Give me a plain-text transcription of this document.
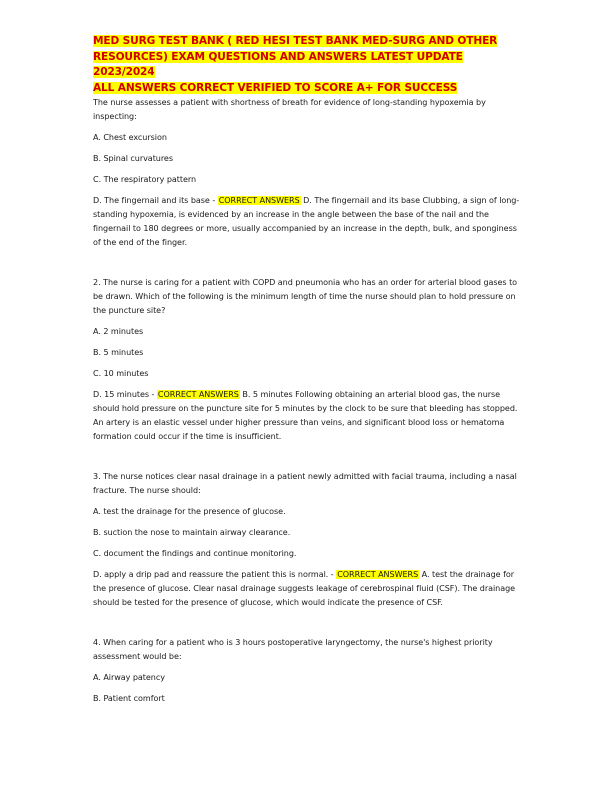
MED SURG TEST BANK ( RED HESI TEST BANK MED-SURG AND OTHER
RESOURCES) EXAM QUESTIONS AND ANSWERS LATEST UPDATE 2023/2024
ALL ANSWERS CORRECT VERIFIED TO SCORE A+ FOR SUCCESS

The nurse assesses a patient with shortness of breath for evidence of long-standing hypoxemia by inspecting:

A. Chest excursion

B. Spinal curvatures

C. The respiratory pattern

D. The fingernail and its base - CORRECT ANSWERS D. The fingernail and its base Clubbing, a sign of long-standing hypoxemia, is evidenced by an increase in the angle between the base of the nail and the fingernail to 180 degrees or more, usually accompanied by an increase in the depth, bulk, and sponginess of the end of the finger.

2. The nurse is caring for a patient with COPD and pneumonia who has an order for arterial blood gases to be drawn. Which of the following is the minimum length of time the nurse should plan to hold pressure on the puncture site?

A. 2 minutes

B. 5 minutes

C. 10 minutes

D. 15 minutes - CORRECT ANSWERS B. 5 minutes Following obtaining an arterial blood gas, the nurse should hold pressure on the puncture site for 5 minutes by the clock to be sure that bleeding has stopped. An artery is an elastic vessel under higher pressure than veins, and significant blood loss or hematoma formation could occur if the time is insufficient.

3. The nurse notices clear nasal drainage in a patient newly admitted with facial trauma, including a nasal fracture. The nurse should:

A. test the drainage for the presence of glucose.

B. suction the nose to maintain airway clearance.

C. document the findings and continue monitoring.

D. apply a drip pad and reassure the patient this is normal. - CORRECT ANSWERS A. test the drainage for the presence of glucose. Clear nasal drainage suggests leakage of cerebrospinal fluid (CSF). The drainage should be tested for the presence of glucose, which would indicate the presence of CSF.

4. When caring for a patient who is 3 hours postoperative laryngectomy, the nurse's highest priority assessment would be:

A. Airway patency

B. Patient comfort
